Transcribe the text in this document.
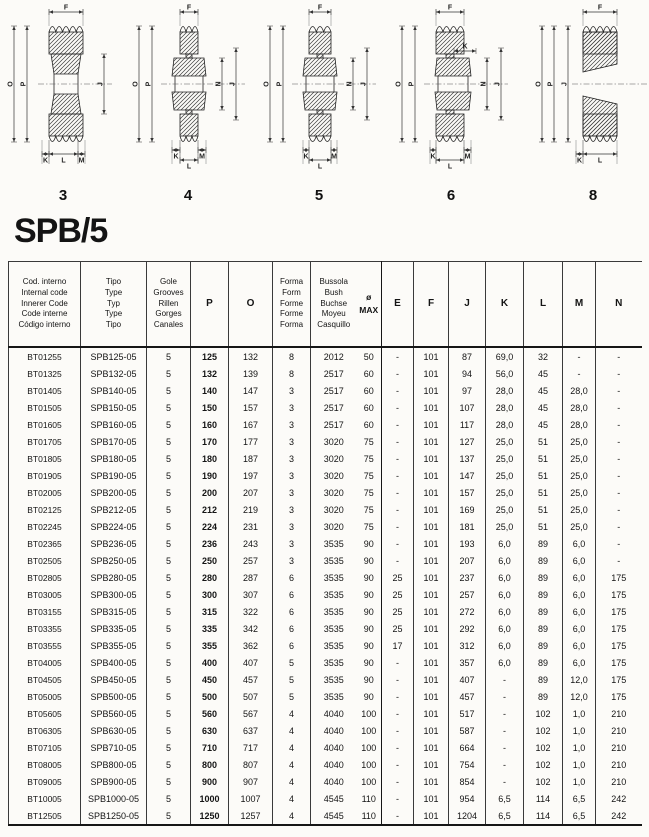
F
O P	J
K L M
3
F
O P	N J
K
L
M
4
F
O P	N J
K
L
M
5
F
O P	N J
K
K
L
M
6
F
O P J
K L
8
SPB/5
Cod. interno
Internal code
Innerer Code
Code interne
Código interno

Tipo
Type
Typ
Type
Tipo

Gole
Grooves
Rillen
Gorges
Canales

P	O

Forma
Form
Forme
Forme
Forma

Bussola
Bush
Buchse
Moyeu
Casquillo

ø
MAX

E	F	J	K	L	M	N

BT01255	SPB125-05	5	125	132	8	2012	50	-	101	87	69,0	32	-	-
BT01325	SPB132-05	5	132	139	8	2517	60	-	101	94	56,0	45	-	-
BT01405	SPB140-05	5	140	147	3	2517	60	-	101	97	28,0	45	28,0	-
BT01505	SPB150-05	5	150	157	3	2517	60	-	101	107	28,0	45	28,0	-
BT01605	SPB160-05	5	160	167	3	2517	60	-	101	117	28,0	45	28,0	-
BT01705	SPB170-05	5	170	177	3	3020	75	-	101	127	25,0	51	25,0	-
BT01805	SPB180-05	5	180	187	3	3020	75	-	101	137	25,0	51	25,0	-
BT01905	SPB190-05	5	190	197	3	3020	75	-	101	147	25,0	51	25,0	-
BT02005	SPB200-05	5	200	207	3	3020	75	-	101	157	25,0	51	25,0	-
BT02125	SPB212-05	5	212	219	3	3020	75	-	101	169	25,0	51	25,0	-
BT02245	SPB224-05	5	224	231	3	3020	75	-	101	181	25,0	51	25,0	-
BT02365	SPB236-05	5	236	243	3	3535	90	-	101	193	6,0	89	6,0	-
BT02505	SPB250-05	5	250	257	3	3535	90	-	101	207	6,0	89	6,0	-
BT02805	SPB280-05	5	280	287	6	3535	90	25	101	237	6,0	89	6,0	175
BT03005	SPB300-05	5	300	307	6	3535	90	25	101	257	6,0	89	6,0	175
BT03155	SPB315-05	5	315	322	6	3535	90	25	101	272	6,0	89	6,0	175
BT03355	SPB335-05	5	335	342	6	3535	90	25	101	292	6,0	89	6,0	175
BT03555	SPB355-05	5	355	362	6	3535	90	17	101	312	6,0	89	6,0	175
BT04005	SPB400-05	5	400	407	5	3535	90	-	101	357	6,0	89	6,0	175
BT04505	SPB450-05	5	450	457	5	3535	90	-	101	407	-	89	12,0	175
BT05005	SPB500-05	5	500	507	5	3535	90	-	101	457	-	89	12,0	175
BT05605	SPB560-05	5	560	567	4	4040	100	-	101	517	-	102	1,0	210
BT06305	SPB630-05	5	630	637	4	4040	100	-	101	587	-	102	1,0	210
BT07105	SPB710-05	5	710	717	4	4040	100	-	101	664	-	102	1,0	210
BT08005	SPB800-05	5	800	807	4	4040	100	-	101	754	-	102	1,0	210
BT09005	SPB900-05	5	900	907	4	4040	100	-	101	854	-	102	1,0	210
BT10005	SPB1000-05	5	1000	1007	4	4545	110	-	101	954	6,5	114	6,5	242
BT12505	SPB1250-05	5	1250	1257	4	4545	110	-	101	1204	6,5	114	6,5	242
